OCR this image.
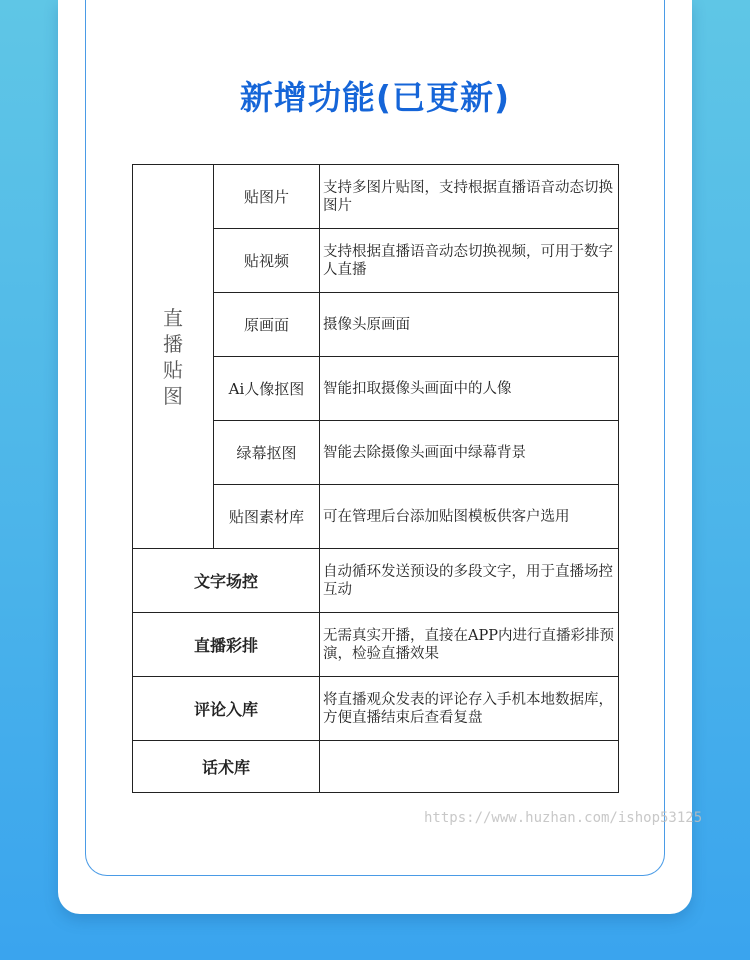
新增功能(已更新)
直播贴图	贴图片	支持多图片贴图，支持根据直播语音动态切换图片
	贴视频	支持根据直播语音动态切换视频，可用于数字人直播
	原画面	摄像头原画面
	Ai人像抠图	智能扣取摄像头画面中的人像
	绿幕抠图	智能去除摄像头画面中绿幕背景
	贴图素材库	可在管理后台添加贴图模板供客户选用
文字场控		自动循环发送预设的多段文字，用于直播场控互动
直播彩排		无需真实开播，直接在APP内进行直播彩排预演，检验直播效果
评论入库		将直播观众发表的评论存入手机本地数据库，方便直播结束后查看复盘
话术库		
https://www.huzhan.com/ishop53125
